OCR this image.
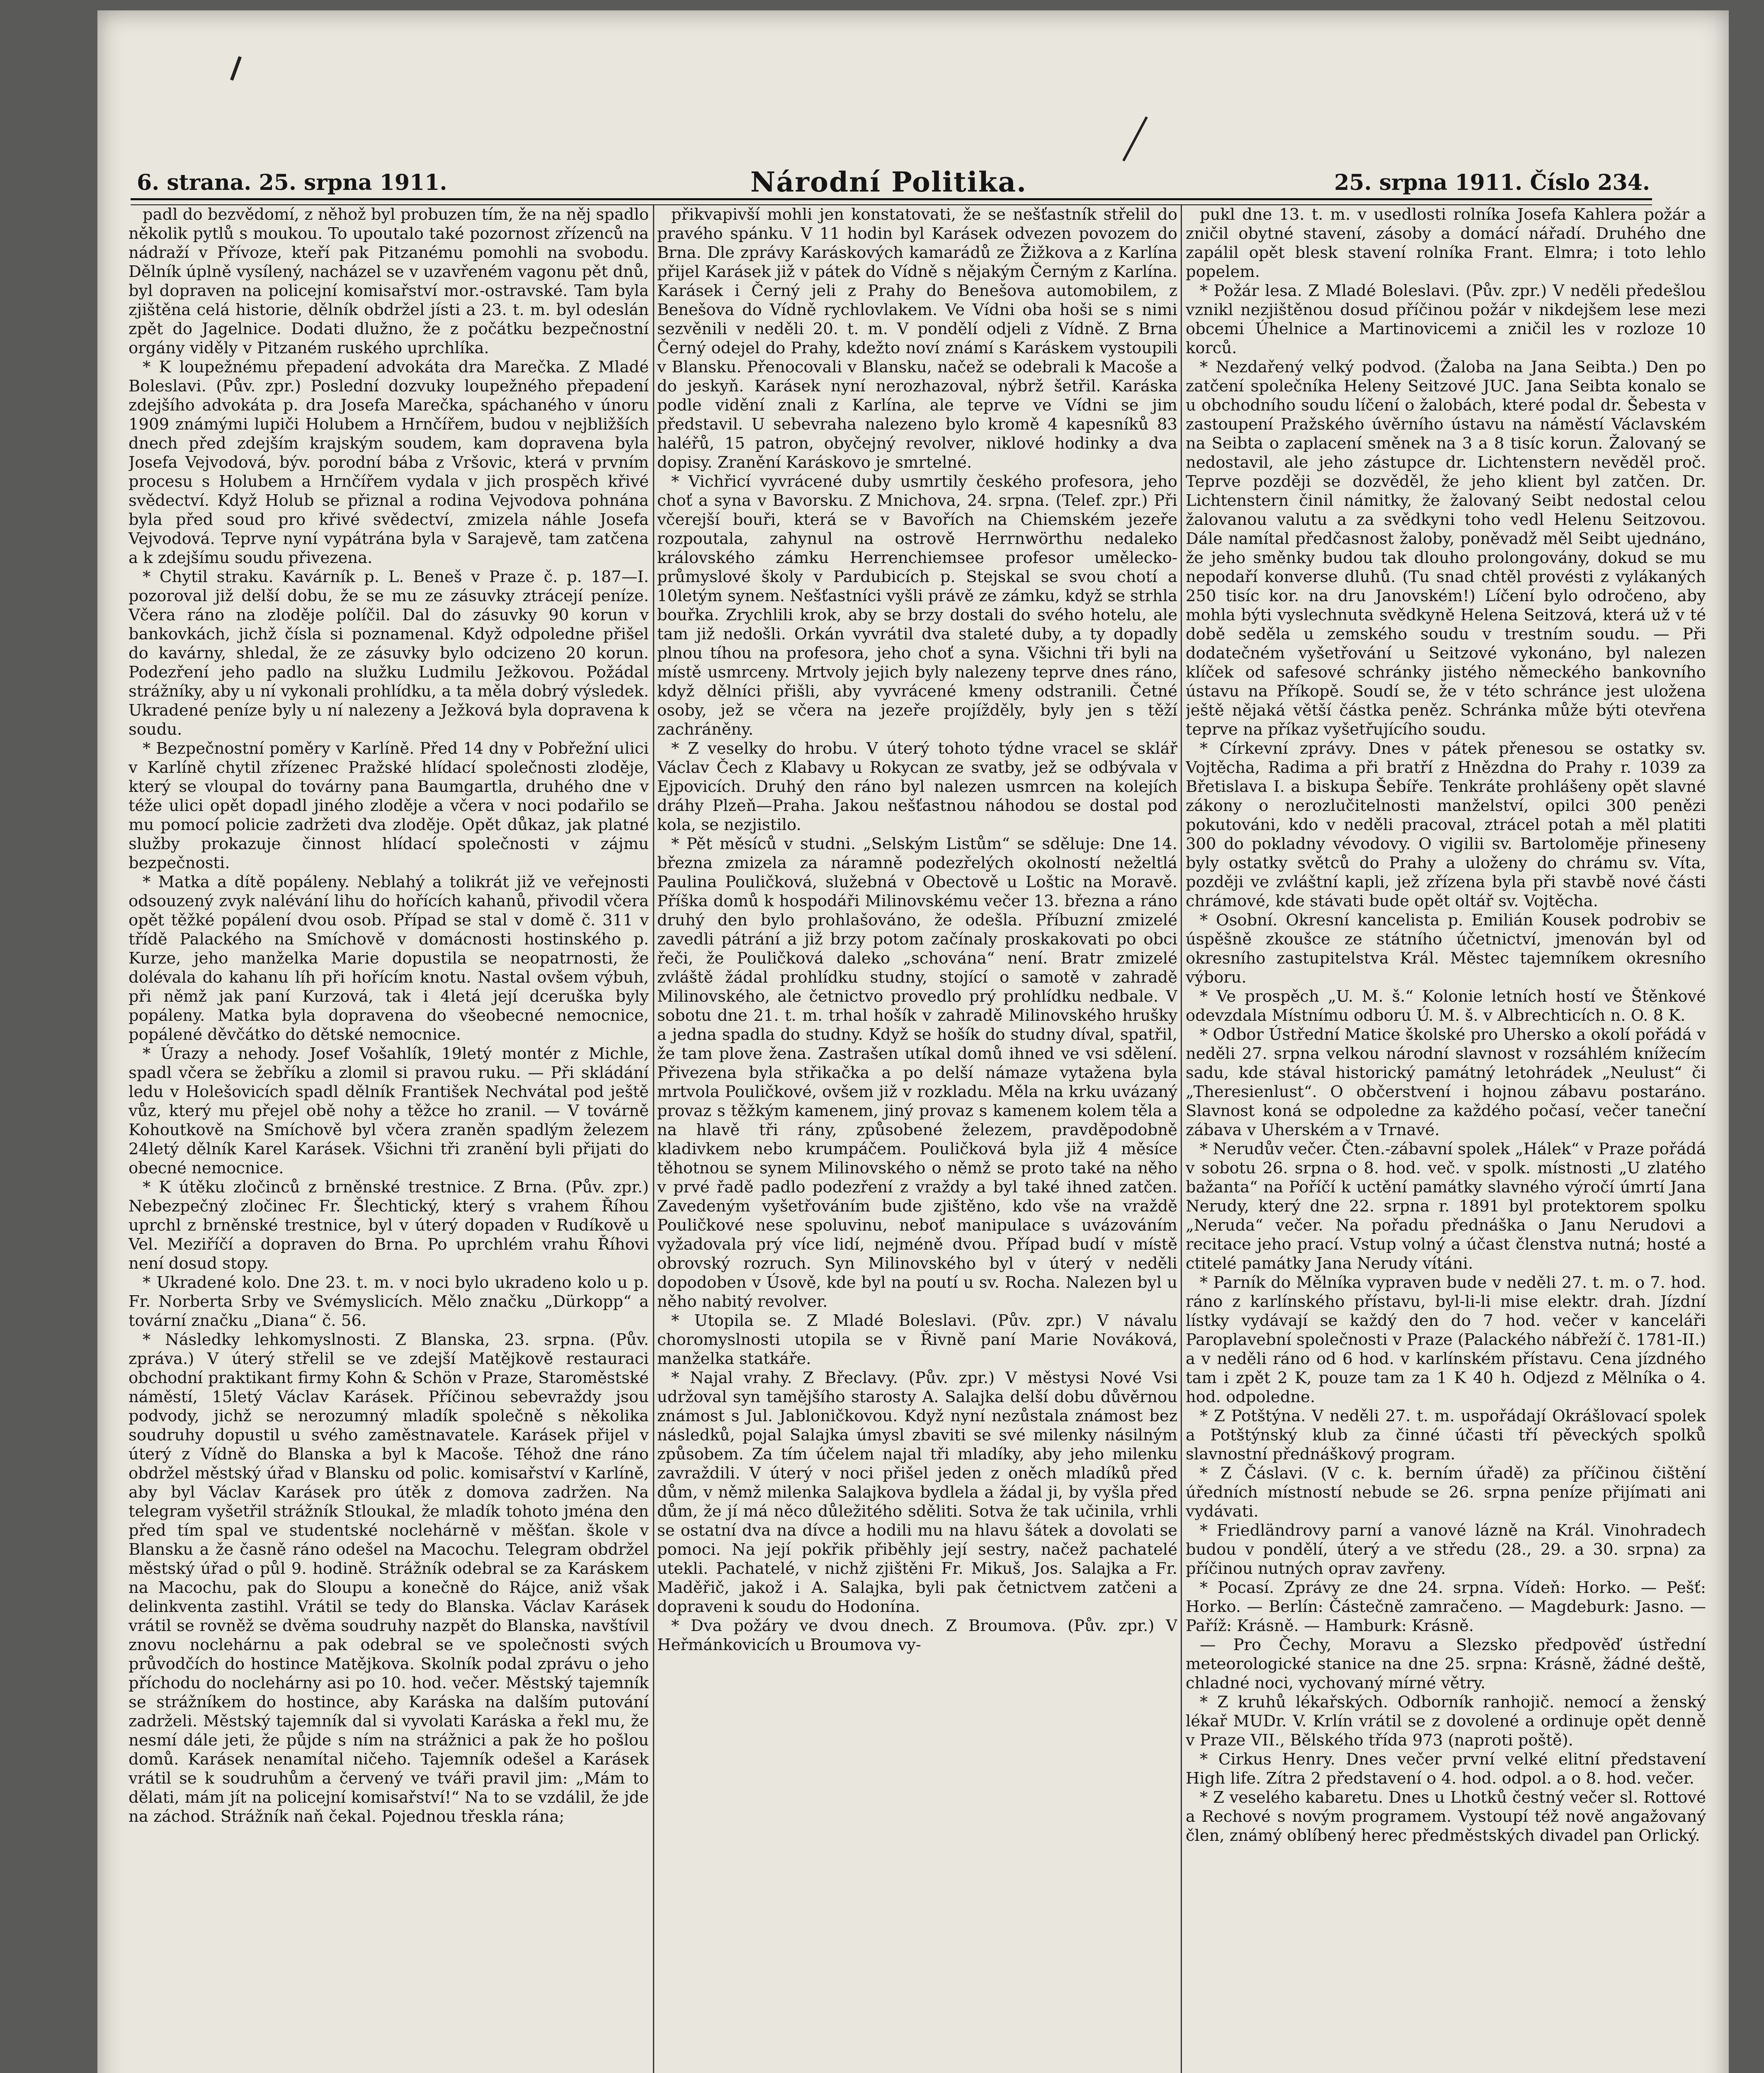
6. strana. 25. srpna 1911.	Národní Politika.	25. srpna 1911. Číslo 234.

padl do bezvědomí, z něhož byl probuzen tím, že na něj spadlo několik pytlů s moukou. To upoutalo také pozornost zřízenců na nádraží v Přívoze, kteří pak Pitzanému pomohli na svobodu. Dělník úplně vysílený, nacházel se v uzavřeném vagonu pět dnů, byl dopraven na policejní komisařství mor.-ostravské. Tam byla zjištěna celá historie, dělník obdržel jísti a 23. t. m. byl odeslán zpět do Jagelnice. Dodati dlužno, že z počátku bezpečnostní orgány viděly v Pitzaném ruského uprchlíka.

* K loupežnému přepadení advokáta dra Marečka. Z Mladé Boleslavi. (Pův. zpr.) Poslední dozvuky loupežného přepadení zdejšího advokáta p. dra Josefa Marečka, spáchaného v únoru 1909 známými lupiči Holubem a Hrnčířem, budou v nejbližších dnech před zdejším krajským soudem, kam dopravena byla Josefa Vejvodová, býv. porodní bába z Vršovic, která v prvním procesu s Holubem a Hrnčířem vydala v jich prospěch křivé svědectví. Když Holub se přiznal a rodina Vejvodova pohnána byla před soud pro křivé svědectví, zmizela náhle Josefa Vejvodová. Teprve nyní vypátrána byla v Sarajevě, tam zatčena a k zdejšímu soudu přivezena.

* Chytil straku. Kavárník p. L. Beneš v Praze č. p. 187—I. pozoroval již delší dobu, že se mu ze zásuvky ztrácejí peníze. Včera ráno na zloděje políčil. Dal do zásuvky 90 korun v bankovkách, jichž čísla si poznamenal. Když odpoledne přišel do kavárny, shledal, že ze zásuvky bylo odcizeno 20 korun. Podezření jeho padlo na služku Ludmilu Ježkovou. Požádal strážníky, aby u ní vykonali prohlídku, a ta měla dobrý výsledek. Ukradené peníze byly u ní nalezeny a Ježková byla dopravena k soudu.

* Bezpečnostní poměry v Karlíně. Před 14 dny v Pobřežní ulici v Karlíně chytil zřízenec Pražské hlídací společnosti zloděje, který se vloupal do továrny pana Baumgartla, druhého dne v téže ulici opět dopadl jiného zloděje a včera v noci podařilo se mu pomocí policie zadržeti dva zloděje. Opět důkaz, jak platné služby prokazuje činnost hlídací společnosti v zájmu bezpečnosti.

* Matka a dítě popáleny. Neblahý a tolikrát již ve veřejnosti odsouzený zvyk nalévání lihu do hořících kahanů, přivodil včera opět těžké popálení dvou osob. Případ se stal v domě č. 311 v třídě Palackého na Smíchově v domácnosti hostinského p. Kurze, jeho manželka Marie dopustila se neopatrnosti, že dolévala do kahanu líh při hořícím knotu. Nastal ovšem výbuh, při němž jak paní Kurzová, tak i 4letá její dceruška byly popáleny. Matka byla dopravena do všeobecné nemocnice, popálené děvčátko do dětské nemocnice.

* Úrazy a nehody. Josef Vošahlík, 19letý montér z Michle, spadl včera se žebříku a zlomil si pravou ruku. — Při skládání ledu v Holešovicích spadl dělník František Nechvátal pod ještě vůz, který mu přejel obě nohy a těžce ho zranil. — V továrně Kohoutkově na Smíchově byl včera zraněn spadlým železem 24letý dělník Karel Karásek. Všichni tři zranění byli přijati do obecné nemocnice.

* K útěku zločinců z brněnské trestnice. Z Brna. (Pův. zpr.) Nebezpečný zločinec Fr. Šlechtický, který s vrahem Říhou uprchl z brněnské trestnice, byl v úterý dopaden v Rudíkově u Vel. Meziříčí a dopraven do Brna. Po uprchlém vrahu Říhovi není dosud stopy.

* Ukradené kolo. Dne 23. t. m. v noci bylo ukradeno kolo u p. Fr. Norberta Srby ve Svémyslicích. Mělo značku „Dürkopp“ a tovární značku „Diana“ č. 56.

* Následky lehkomyslnosti. Z Blanska, 23. srpna. (Pův. zpráva.) V úterý střelil se ve zdejší Matějkově restauraci obchodní praktikant firmy Kohn & Schön v Praze, Staroměstské náměstí, 15letý Václav Karásek. Příčinou sebevraždy jsou podvody, jichž se nerozumný mladík společně s několika soudruhy dopustil u svého zaměstnavatele. Karásek přijel v úterý z Vídně do Blanska a byl k Macoše. Téhož dne ráno obdržel městský úřad v Blansku od polic. komisařství v Karlíně, aby byl Václav Karásek pro útěk z domova zadržen. Na telegram vyšetřil strážník Stloukal, že mladík tohoto jména den před tím spal ve studentské noclehárně v měšťan. škole v Blansku a že časně ráno odešel na Macochu. Telegram obdržel městský úřad o půl 9. hodině. Strážník odebral se za Karáskem na Macochu, pak do Sloupu a konečně do Rájce, aniž však delinkventa zastihl. Vrátil se tedy do Blanska. Václav Karásek vrátil se rovněž se dvěma soudruhy nazpět do Blanska, navštívil znovu noclehárnu a pak odebral se ve společnosti svých průvodčích do hostince Matějkova. Skolník podal zprávu o jeho příchodu do noclehárny asi po 10. hod. večer. Městský tajemník se strážníkem do hostince, aby Karáska na dalším putování zadrželi. Městský tajemník dal si vyvolati Karáska a řekl mu, že nesmí dále jeti, že půjde s ním na strážnici a pak že ho pošlou domů. Karásek nenamítal ničeho. Tajemník odešel a Karásek vrátil se k soudruhům a červený ve tváři pravil jim: „Mám to dělati, mám jít na policejní komisařství!“ Na to se vzdálil, že jde na záchod. Strážník naň čekal. Pojednou třeskla rána;

přikvapivší mohli jen konstatovati, že se nešťastník střelil do pravého spánku. V 11 hodin byl Karásek odvezen povozem do Brna. Dle zprávy Karáskových kamarádů ze Žižkova a z Karlína přijel Karásek již v pátek do Vídně s nějakým Černým z Karlína. Karásek i Černý jeli z Prahy do Benešova automobilem, z Benešova do Vídně rychlovlakem. Ve Vídni oba hoši se s nimi sezvěnili v neděli 20. t. m. V pondělí odjeli z Vídně. Z Brna Černý odejel do Prahy, kdežto noví známí s Karáskem vystoupili v Blansku. Přenocovali v Blansku, načež se odebrali k Macoše a do jeskyň. Karásek nyní nerozhazoval, nýbrž šetřil. Karáska podle vidění znali z Karlína, ale teprve ve Vídni se jim představil. U sebevraha nalezeno bylo kromě 4 kapesníků 83 haléřů, 15 patron, obyčejný revolver, niklové hodinky a dva dopisy. Zranění Karáskovo je smrtelné.

* Vichřicí vyvrácené duby usmrtily českého profesora, jeho choť a syna v Bavorsku. Z Mnichova, 24. srpna. (Telef. zpr.) Při včerejší bouři, která se v Bavořích na Chiemském jezeře rozpoutala, zahynul na ostrově Herrnwörthu nedaleko královského zámku Herrenchiemsee profesor umělecko-průmyslové školy v Pardubicích p. Stejskal se svou chotí a 10letým synem. Nešťastníci vyšli právě ze zámku, když se strhla bouřka. Zrychlili krok, aby se brzy dostali do svého hotelu, ale tam již nedošli. Orkán vyvrátil dva staleté duby, a ty dopadly plnou tíhou na profesora, jeho choť a syna. Všichni tři byli na místě usmrceny. Mrtvoly jejich byly nalezeny teprve dnes ráno, když dělníci přišli, aby vyvrácené kmeny odstranili. Četné osoby, jež se včera na jezeře projížděly, byly jen s těží zachráněny.

* Z veselky do hrobu. V úterý tohoto týdne vracel se sklář Václav Čech z Klabavy u Rokycan ze svatby, jež se odbývala v Ejpovicích. Druhý den ráno byl nalezen usmrcen na kolejích dráhy Plzeň—Praha. Jakou nešťastnou náhodou se dostal pod kola, se nezjistilo.

* Pět měsíců v studni. „Selským Listům“ se sděluje: Dne 14. března zmizela za náramně podezřelých okolností neželtlá Paulina Pouličková, služebná v Obectově u Loštic na Moravě. Příška domů k hospodáři Milinovskému večer 13. března a ráno druhý den bylo prohlašováno, že odešla. Příbuzní zmizelé zavedli pátrání a již brzy potom začínaly proskakovati po obci řeči, že Pouličková daleko „schována“ není. Bratr zmizelé zvláště žádal prohlídku studny, stojící o samotě v zahradě Milinovského, ale četnictvo provedlo prý prohlídku nedbale. V sobotu dne 21. t. m. trhal hošík v zahradě Milinovského hrušky a jedna spadla do studny. Když se hošík do studny díval, spatřil, že tam plove žena. Zastrašen utíkal domů ihned ve vsi sdělení. Přivezena byla střikačka a po delší námaze vytažena byla mrtvola Pouličkové, ovšem již v rozkladu. Měla na krku uvázaný provaz s těžkým kamenem, jiný provaz s kamenem kolem těla a na hlavě tři rány, způsobené železem, pravděpodobně kladivkem nebo krumpáčem. Pouličková byla již 4 měsíce těhotnou se synem Milinovského o němž se proto také na něho v prvé řadě padlo podezření z vraždy a byl také ihned zatčen. Zavedeným vyšetřováním bude zjištěno, kdo vše na vraždě Pouličkové nese spoluvinu, neboť manipulace s uvázováním vyžadovala prý více lidí, nejméně dvou. Případ budí v místě obrovský rozruch. Syn Milinovského byl v úterý v neděli dopodoben v Úsově, kde byl na poutí u sv. Rocha. Nalezen byl u něho nabitý revolver.

* Utopila se. Z Mladé Boleslavi. (Pův. zpr.) V návalu choromyslnosti utopila se v Řivně paní Marie Nováková, manželka statkáře.

* Najal vrahy. Z Břeclavy. (Pův. zpr.) V městysi Nové Vsi udržoval syn tamějšího starosty A. Salajka delší dobu důvěrnou známost s Jul. Jabloničkovou. Když nyní nezůstala známost bez následků, pojal Salajka úmysl zbaviti se své milenky násilným způsobem. Za tím účelem najal tři mladíky, aby jeho milenku zavraždili. V úterý v noci přišel jeden z oněch mladíků před dům, v němž milenka Salajkova bydlela a žádal ji, by vyšla před dům, že jí má něco důležitého sděliti. Sotva že tak učinila, vrhli se ostatní dva na dívce a hodili mu na hlavu šátek a dovolati se pomoci. Na její pokřik přiběhly její sestry, načež pachatelé utekli. Pachatelé, v nichž zjištěni Fr. Mikuš, Jos. Salajka a Fr. Maděřič, jakož i A. Salajka, byli pak četnictvem zatčeni a dopraveni k soudu do Hodonína.

* Dva požáry ve dvou dnech. Z Broumova. (Pův. zpr.) V Heřmánkovicích u Broumova vy-

pukl dne 13. t. m. v usedlosti rolníka Josefa Kahlera požár a zničil obytné stavení, zásoby a domácí nářadí. Druhého dne zapálil opět blesk stavení rolníka Frant. Elmra; i toto lehlo popelem.

* Požár lesa. Z Mladé Boleslavi. (Pův. zpr.) V neděli předešlou vznikl nezjištěnou dosud příčinou požár v nikdejšem lese mezi obcemi Úhelnice a Martinovicemi a zničil les v rozloze 10 korců.

* Nezdařený velký podvod. (Žaloba na Jana Seibta.) Den po zatčení společníka Heleny Seitzové JUC. Jana Seibta konalo se u obchodního soudu líčení o žalobách, které podal dr. Šebesta v zastoupení Pražského úvěrního ústavu na náměstí Václavském na Seibta o zaplacení směnek na 3 a 8 tisíc korun. Žalovaný se nedostavil, ale jeho zástupce dr. Lichtenstern nevěděl proč. Teprve později se dozvěděl, že jeho klient byl zatčen. Dr. Lichtenstern činil námitky, že žalovaný Seibt nedostal celou žalovanou valutu a za svědkyni toho vedl Helenu Seitzovou. Dále namítal předčasnost žaloby, poněvadž měl Seibt ujednáno, že jeho směnky budou tak dlouho prolongovány, dokud se mu nepodaří konverse dluhů. (Tu snad chtěl provésti z vylákaných 250 tisíc kor. na dru Janovském!) Líčení bylo odročeno, aby mohla býti vyslechnuta svědkyně Helena Seitzová, která už v té době seděla u zemského soudu v trestním soudu. — Při dodatečném vyšetřování u Seitzové vykonáno, byl nalezen klíček od safesové schránky jistého německého bankovního ústavu na Příkopě. Soudí se, že v této schránce jest uložena ještě nějaká větší částka peněz. Schránka může býti otevřena teprve na příkaz vyšetřujícího soudu.

* Církevní zprávy. Dnes v pátek přenesou se ostatky sv. Vojtěcha, Radima a při bratří z Hnězdna do Prahy r. 1039 za Břetislava I. a biskupa Šebíře. Tenkráte prohlášeny opět slavné zákony o nerozlučitelnosti manželství, opilci 300 penězi pokutováni, kdo v neděli pracoval, ztrácel potah a měl platiti 300 do pokladny vévodovy. O vigilii sv. Bartoloměje přineseny byly ostatky světců do Prahy a uloženy do chrámu sv. Víta, později ve zvláštní kapli, jež zřízena byla při stavbě nové části chrámové, kde stávati bude opět oltář sv. Vojtěcha.

* Osobní. Okresní kancelista p. Emilián Kousek podrobiv se úspěšně zkoušce ze státního účetnictví, jmenován byl od okresního zastupitelstva Král. Městec tajemníkem okresního výboru.

* Ve prospěch „U. M. š.“ Kolonie letních hostí ve Štěnkové odevzdala Místnímu odboru Ú. M. š. v Albrechticích n. O. 8 K.

* Odbor Ústřední Matice školské pro Uhersko a okolí pořádá v neděli 27. srpna velkou národní slavnost v rozsáhlém knížecím sadu, kde stával historický památný letohrádek „Neulust“ či „Theresienlust“. O občerstvení i hojnou zábavu postaráno. Slavnost koná se odpoledne za každého počasí, večer taneční zábava v Uherském a v Trnavé.

* Nerudův večer. Čten.-zábavní spolek „Hálek“ v Praze pořádá v sobotu 26. srpna o 8. hod. več. v spolk. místnosti „U zlatého bažanta“ na Poříčí k uctění památky slavného výročí úmrtí Jana Nerudy, který dne 22. srpna r. 1891 byl protektorem spolku „Neruda“ večer. Na pořadu přednáška o Janu Nerudovi a recitace jeho prací. Vstup volný a účast členstva nutná; hosté a ctitelé památky Jana Nerudy vítáni.

* Parník do Mělníka vypraven bude v neděli 27. t. m. o 7. hod. ráno z karlínského přístavu, byl-li-li mise elektr. drah. Jízdní lístky vydávají se každý den do 7 hod. večer v kanceláři Paroplavební společnosti v Praze (Palackého nábřeží č. 1781-II.) a v neděli ráno od 6 hod. v karlínském přístavu. Cena jízdného tam i zpět 2 K, pouze tam za 1 K 40 h. Odjezd z Mělníka o 4. hod. odpoledne.

* Z Potštýna. V neděli 27. t. m. uspořádají Okrášlovací spolek a Potštýnský klub za činné účasti tří pěveckých spolků slavnostní přednáškový program.

* Z Čáslavi. (V c. k. berním úřadě) za příčinou čištění úředních místností nebude se 26. srpna peníze přijímati ani vydávati.

* Friedländrovy parní a vanové lázně na Král. Vinohradech budou v pondělí, úterý a ve středu (28., 29. a 30. srpna) za příčinou nutných oprav zavřeny.

* Pocasí. Zprávy ze dne 24. srpna. Vídeň: Horko. — Pešť: Horko. — Berlín: Částečně zamračeno. — Magdeburk: Jasno. — Paříž: Krásně. — Hamburk: Krásně.

— Pro Čechy, Moravu a Slezsko předpověď ústřední meteorologické stanice na dne 25. srpna: Krásně, žádné deště, chladné noci, vychovaný mírné větry.

* Z kruhů lékařských. Odborník ranhojič. nemocí a ženský lékař MUDr. V. Krlín vrátil se z dovolené a ordinuje opět denně v Praze VII., Bělského třída 973 (naproti poště).

* Cirkus Henry. Dnes večer první velké elitní představení High life. Zítra 2 představení o 4. hod. odpol. a o 8. hod. večer.

* Z veselého kabaretu. Dnes u Lhotků čestný večer sl. Rottové a Rechové s novým programem. Vystoupí též nově angažovaný člen, známý oblíbený herec předměstských divadel pan Orlický.
